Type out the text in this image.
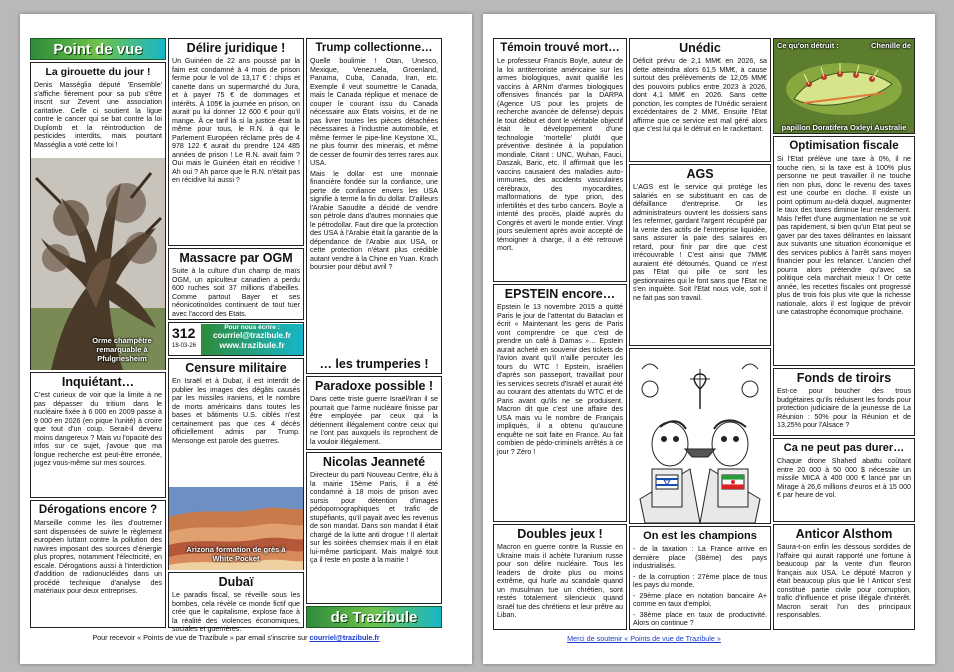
Point de vue
La girouette du jour !
Denis Masséglia député 'Ensemble' s'affiche fièrement pour sa pub s'être inscrit sur Zevent une association caritative. Celle ci soutient la ligue contre le cancer qui se bat contre la loi Duplomb et la réintroduction de pesticides interdits, mais pourtant Masséglia a voté cette loi !
Orme champêtre remarquable à Pfulgriesheim
Inquiétant…
C'est curieux de voir que la limite à ne pas dépasser du tritium dans le nucléaire fixée à 6 000 en 2009 passe à 9 000 en 2026 (en pique l'unité) à croire que tout d'un coup. Serait-il devenu moins dangereux ? Mais vu l'opacité des infos sur ce sujet, j'avoue que ma longue recherche est peut-être erronée, jugez vous-même sur mes sources.
Dérogations encore ?
Marseille comme les îles d'outremer sont dispensées de suivre le règlement européen luttant contre la pollution des navires imposant des sources d'énergie plus propres, notamment l'électricité, en escale. Dérogations aussi à l'interdiction d'addition de radionucléides dans un procédé technique d'analyse des matériaux pour deux entreprises.
Délire juridique !
Un Guinéen de 22 ans poussé par la faim est condamné à 4 mois de prison ferme pour le vol de 13,17 € : chips et canette dans un supermarché du Jura, et à payer 75 € de dommages et intérêts. À 105€ la journée en prison, on aurait pu lui donner 12 600 € pour qu'il mange. À ce tarif là si la justice était la même pour tous, le R.N. à qui le Parlement Européen réclame près de 4 978 122 € aurait du prendre 124 485 années de prison ! Le R.N. avait faim ? Oui mais le Guinéen était en récidive ! Ah oui ? Ah parce que le R.N. n'était pas en récidive lui aussi ?
Massacre par OGM
Suite à la culture d'un champ de maïs OGM, un apiculteur canadien a perdu 600 ruches soit 37 millions d'abeilles. Comme partout Bayer et ses néonicotinoïdes continuent de tout tuer avec l'accord des Etats.
312
18-03-26
Pour nous écrire :
courriel@trazibule.fr
www.trazibule.fr
Censure militaire
En Israël et à Dubaï, il est interdit de publier les images des dégâts causés par les missiles iraniens, et le nombre de morts américains dans toutes les bases et bâtiments U.S. ciblés n'est certainement pas que ces 4 décès officiellement admis par Trump. Mensonge est parole des guerres.
Arizona formation de grès à White Pocket
Dubaï
Le paradis fiscal, se réveille sous les bombes, cela révèle ce monde fictif que crée que le capitalisme, explose face à la réalité des violences économiques, sociales et guerrières.
Trump collectionne…
Quelle boulimie ! Otan, Unesco, Mexique, Venezuela, Groenland, Panama, Cuba, Canada, Iran, etc. Exemple il veut soumettre le Canada, mais le Canada réplique et menace de couper le courant issu du Canada nécessaire aux États voisins, et de ne pas livrer toutes les pièces détachées nécessaires à l'industrie automobile, et même fermer le pipe-line Keystone XL, ne plus fournir des minerais, et même de cesser de fournir des terres rares aux USA.
Mais le dollar est une monnaie financière fondée sur la confiance, une perte de confiance envers les USA signifie à terme la fin du dollar. D'ailleurs l'Arabie Saoudite a décidé de vendre son pétrole dans d'autres monnaies que le pétrodollar. Faut dire que la protection des USA à l'Arabie était la garantie de la dépendance de l'Arabie aux USA, or cette protection n'étant plus crédible autant vendre à la Chine en Yuan. Krach boursier pour début avril ?
… les trumperies !
Paradoxe possible !
Dans cette triste guerre Israël/Iran il se pourrait que l'arme nucléaire finisse par être employée par ceux qui la détiennent illégalement contre ceux qui ne l'ont pas auxquels ils reprochent de la vouloir illégalement.
Nicolas Jeanneté
Directeur du parti Nouveau Centre, élu à la mairie 15ème Paris, il a été condamné à 18 mois de prison avec sursis pour détention d'images pédopornographiques et trafic de stupéfiants, qu'il payait avec les revenus de son mandat. Dans son mandat il était chargé de la lutte anti drogue ! Il alertait sur les soirées chemsex mais il en était lui-même participant. Mais malgré tout ça il reste en poste à la mairie !
de Trazibule
Pour recevoir « Points de vue de Trazibule » par email s'inscrire sur courriel@trazibule.fr
Témoin trouvé mort…
Le professeur Francis Boyle, auteur de la loi antiterroriste américaine sur les armes biologiques, avait qualifié les vaccins à ARNm d'armes biologiques offensives financés par la DARPA (Agence US pour les projets de recherche avancée de défense) depuis le tout début et dont le véritable objectif était le développement d'une technologie 'mortelle' plutôt que préventive destinée à la population mondiale. Citant : UNC, Wuhan, Fauci, Daszak, Baric, etc. Il affirmait que les vaccins causaient des maladies auto-immunes, des accidents vasculaires cérébraux, des myocardites, malformations de type prion, des infertilités et des turbo cancers. Boyle a intenté des procès, plaidé auprès du Congrès et averti le monde entier. Vingt jours seulement après avoir accepté de témoigner à charge, il a été retrouvé mort.
EPSTEIN encore…
Epstein le 13 novembre 2015 a quitté Paris le jour de l'attentat du Bataclan et écrit « Maintenant les gens de Paris vont comprendre ce que c'est de prendre un café à Damas »… Epstein aurait acheté en souvenir des tickets de l'avion avant qu'il n'aille percuter les tours du WTC ! Epstein, israélien d'après son passeport, travaillait pour les services secrets d'Israël et aurait été au courant des attentats du WTC et de Paris avant qu'ils ne se produisent. Macron dit que c'est une affaire des USA mais vu le nombre de Français impliqués, il a obtenu qu'aucune enquête ne soit faite en France. Au fait combien de pédo-criminels arrêtés à ce jour ? Zéro !
Doubles jeux !
Macron en guerre contre la Russie en Ukraine mais il achète l'uranium russe pour son délire nucléaire. Tous les leaders de droite plus ou moins extrême, qui hurle au scandale quand un musulman tue un chrétien, sont restés totalement silencieux quand Israël tue des chrétiens et leur prêtre au Liban.
Unédic
Déficit prévu de 2,1 MM€ en 2026, sa dette atteindra alors 61,5 MM€, à cause surtout des prélèvements de 12,05 MM€ des pouvoirs publics entre 2023 à 2026, dont 4,1 MM€ en 2026. Sans cette ponction, les comptes de l'Unédic seraient excédentaires de 2 MM€. Ensuite l'Etat affirme que ce service est mal géré alors que c'est lui qui le détruit en le rackettant.
AGS
L'AGS est le service qui protège les salariés en se substituant en cas de défaillance d'entreprise. Or les administrateurs ouvrent les dossiers sans les refermer, gardant l'argent récupéré par la vente des actifs de l'entreprise liquidée, sans assurer la paie des salaires en retard, pour finir par dire que c'est irrécouvrable ! C'est ainsi que 7MM€ auraient été détournés. Quand ce n'est pas l'Etat qui pille ce sont les gestionnaires qui le font sans que l'Etat ne s'en inquiète. Soit l'Etat nous vole, soit il ne fait pas son travail.
On est les champions
- de la taxation : La France arrive en dernière place (38ème) des pays industrialisés.
- de la corruption : 27ème place de tous les pays du monde.
- 29ème place en notation bancaire A+ comme en taux d'emploi.
- 38ème place en taux de productivité. Alors on continue ?
Ce qu'on détruit :	Chenille de
papillon Doratifera Oxleyi Australie
Optimisation fiscale
Si l'Etat prélève une taxe à 0%, il ne touche rien, si la taxe est à 100% plus personne ne peut travailler il ne touche rien non plus, donc le revenu des taxes est une courbe en cloche. Il existe un point optimum au-delà duquel, augmenter le taux des taxes diminue leur rendement. Mais l'effet d'une augmentation ne se voit pas rapidement, si bien qu'un Etat peut se gaver par des taxes délirantes en laissant aux suivants une situation économique et des services publics à l'arrêt sans moyen financier pour les relancer. L'ancien chef pourra alors prétendre qu'avec sa politique cela marchait mieux ! Or cette année, les recettes fiscales ont progressé plus de trois fois plus vite que la richesse nationale, alors il est logique de prévoir une catastrophe économique prochaine.
Fonds de tiroirs
Est-ce pour boucher des trous budgétaires qu'ils réduisent les fonds pour protection judiciaire de la jeunesse de La Réunion : 50% pour la Réunion et de 13,25% pour l'Alsace ?
Ca ne peut pas durer…
Chaque drone Shahed abattu coûtant entre 20 000 à 50 000 $ nécessite un missile MICA à 400 000 € lancé par un Mirage à 26,6 millions d'euros et à 15 000 € par heure de vol.
Anticor Alsthom
Saura-t-on enfin les dessous sordides de l'affaire qui aurait rapporté une fortune à beaucoup par la vente d'un fleuron français aux USA. Le député Macron y était beaucoup plus que lié ! Anticor s'est constitué partie civile pour corruption, trafic d'influence et prise illégale d'intérêt. Macron serait l'un des principaux responsables.
Merci de soutenir « Points de vue de Trazibule »
